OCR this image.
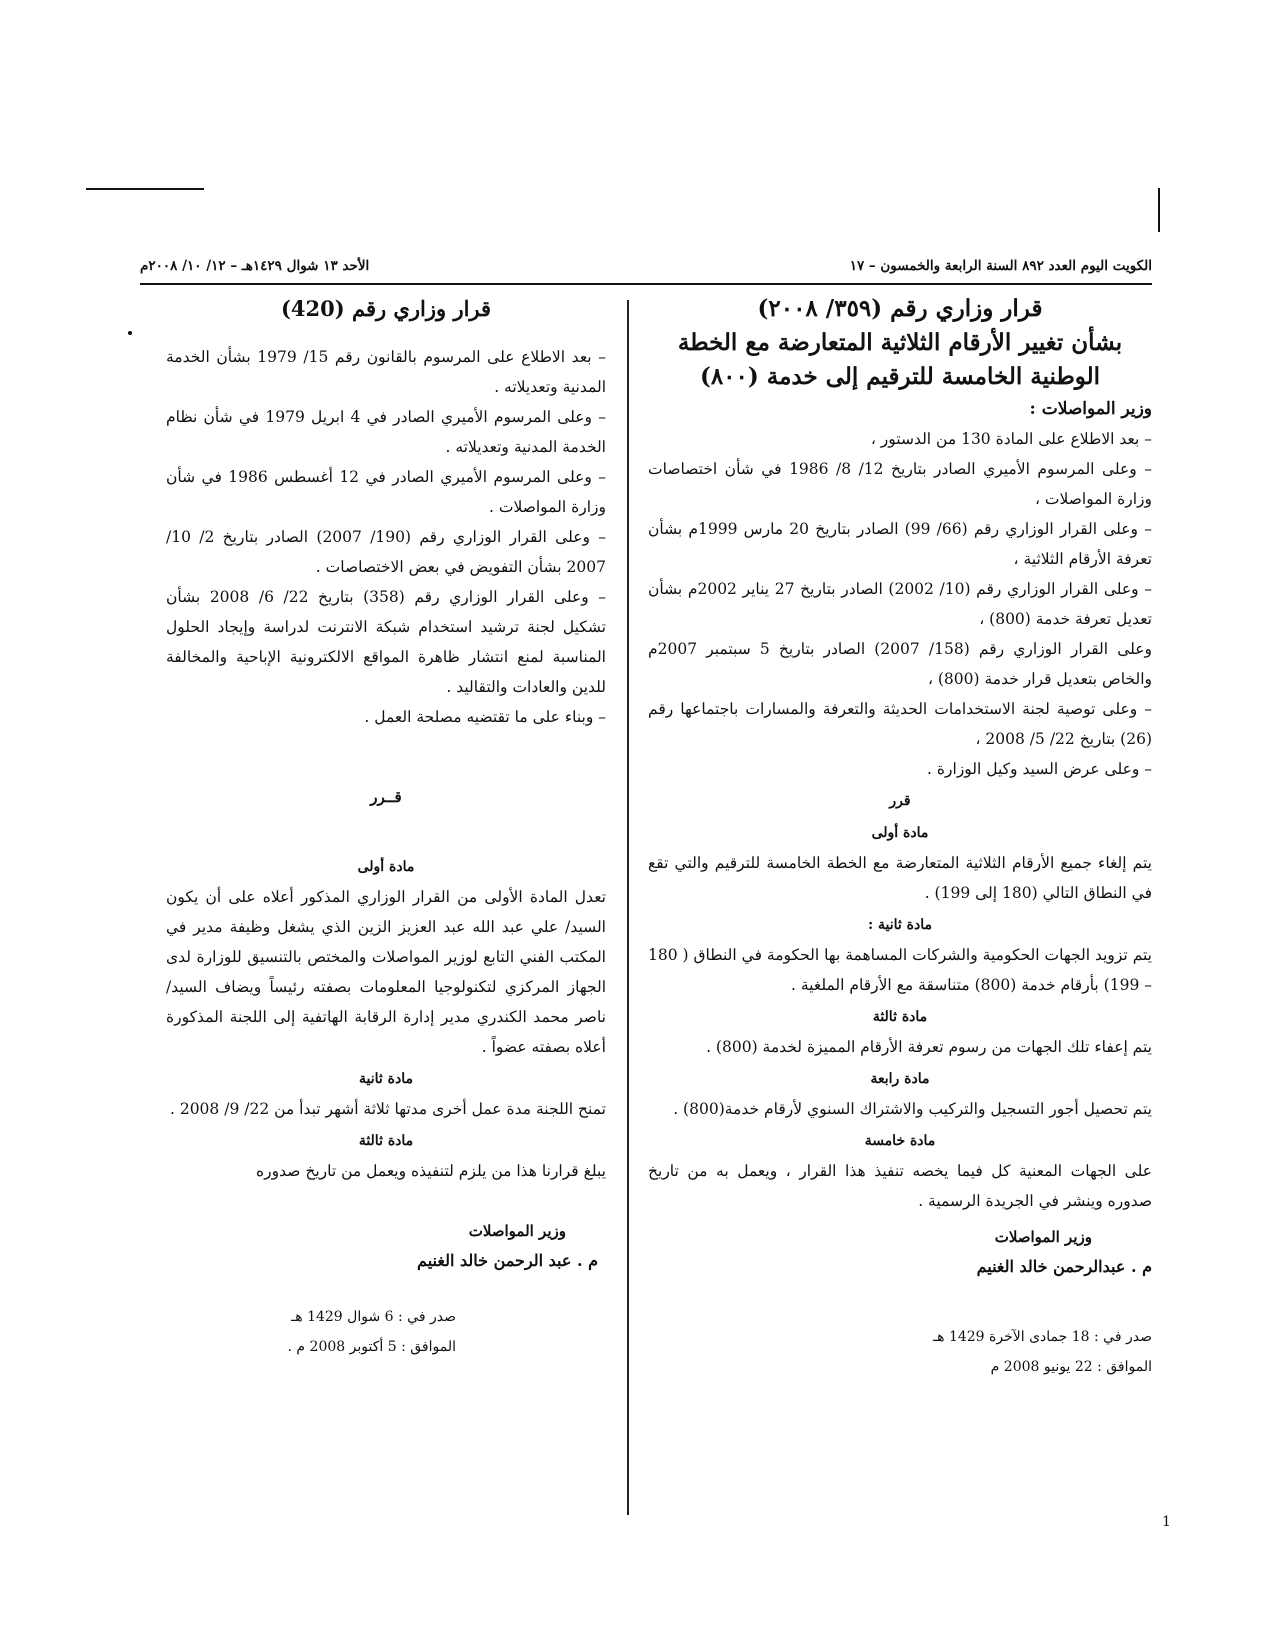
1
الكويت اليوم العدد ٨٩٢ السنة الرابعة والخمسون – ١٧
الأحد ١٣ شوال ١٤٢٩هـ – ١٢/ ١٠/ ٢٠٠٨م

قرار وزاري رقم (٣٥٩/ ٢٠٠٨)

بشأن تغيير الأرقام الثلاثية المتعارضة مع الخطة

الوطنية الخامسة للترقيم إلى خدمة (٨٠٠)

وزير المواصلات :

– بعد الاطلاع على المادة 130 من الدستور ،

– وعلى المرسوم الأميري الصادر بتاريخ 12/ 8/ 1986 في شأن اختصاصات وزارة المواصلات ،

– وعلى القرار الوزاري رقم (66/ 99) الصادر بتاريخ 20 مارس 1999م بشأن تعرفة الأرقام الثلاثية ،

– وعلى القرار الوزاري رقم (10/ 2002) الصادر بتاريخ 27 يناير 2002م بشأن تعديل تعرفة خدمة (800) ،

وعلى القرار الوزاري رقم (158/ 2007) الصادر بتاريخ 5 سبتمبر 2007م والخاص بتعديل قرار خدمة (800) ،

– وعلى توصية لجنة الاستخدامات الحديثة والتعرفة والمسارات باجتماعها رقم (26) بتاريخ 22/ 5/ 2008 ،

– وعلى عرض السيد وكيل الوزارة .

قرر

مادة أولى

يتم إلغاء جميع الأرقام الثلاثية المتعارضة مع الخطة الخامسة للترقيم والتي تقع في النطاق التالي (180 إلى 199) .

مادة ثانية :

يتم تزويد الجهات الحكومية والشركات المساهمة بها الحكومة في النطاق ( 180 – 199) بأرقام خدمة (800) متناسقة مع الأرقام الملغية .

مادة ثالثة

يتم إعفاء تلك الجهات من رسوم تعرفة الأرقام المميزة لخدمة (800) .

مادة رابعة

يتم تحصيل أجور التسجيل والتركيب والاشتراك السنوي لأرقام خدمة(800) .

مادة خامسة

على الجهات المعنية كل فيما يخصه تنفيذ هذا القرار ، ويعمل به من تاريخ صدوره وينشر في الجريدة الرسمية .

وزير المواصلات

م . عبدالرحمن خالد الغنيم

صدر في : 18 جمادى الآخرة 1429 هـ

الموافق : 22 يونيو 2008 م

قرار وزاري رقم (420)

– بعد الاطلاع على المرسوم بالقانون رقم 15/ 1979 بشأن الخدمة المدنية وتعديلاته .

– وعلى المرسوم الأميري الصادر في 4 ابريل 1979 في شأن نظام الخدمة المدنية وتعديلاته .

– وعلى المرسوم الأميري الصادر في 12 أغسطس 1986 في شأن وزارة المواصلات .

– وعلى القرار الوزاري رقم (190/ 2007) الصادر بتاريخ 2/ 10/ 2007 بشأن التفويض في بعض الاختصاصات .

– وعلى القرار الوزاري رقم (358) بتاريخ 22/ 6/ 2008 بشأن تشكيل لجنة ترشيد استخدام شبكة الانترنت لدراسة وإيجاد الحلول المناسبة لمنع انتشار ظاهرة المواقع الالكترونية الإباحية والمخالفة للدين والعادات والتقاليد .

– وبناء على ما تقتضيه مصلحة العمل .

قــرر

مادة أولى

تعدل المادة الأولى من القرار الوزاري المذكور أعلاه على أن يكون السيد/ علي عبد الله عبد العزيز الزين الذي يشغل وظيفة مدير في المكتب الفني التابع لوزير المواصلات والمختص بالتنسيق للوزارة لدى الجهاز المركزي لتكنولوجيا المعلومات بصفته رئيساً ويضاف السيد/ ناصر محمد الكندري مدير إدارة الرقابة الهاتفية إلى اللجنة المذكورة أعلاه بصفته عضواً .

مادة ثانية

تمنح اللجنة مدة عمل أخرى مدتها ثلاثة أشهر تبدأ من 22/ 9/ 2008 .

مادة ثالثة

يبلغ قرارنا هذا من يلزم لتنفيذه ويعمل من تاريخ صدوره

وزير المواصلات

م . عبد الرحمن خالد الغنيم

صدر في : 6 شوال 1429 هـ

الموافق : 5 أكتوبر 2008 م .
